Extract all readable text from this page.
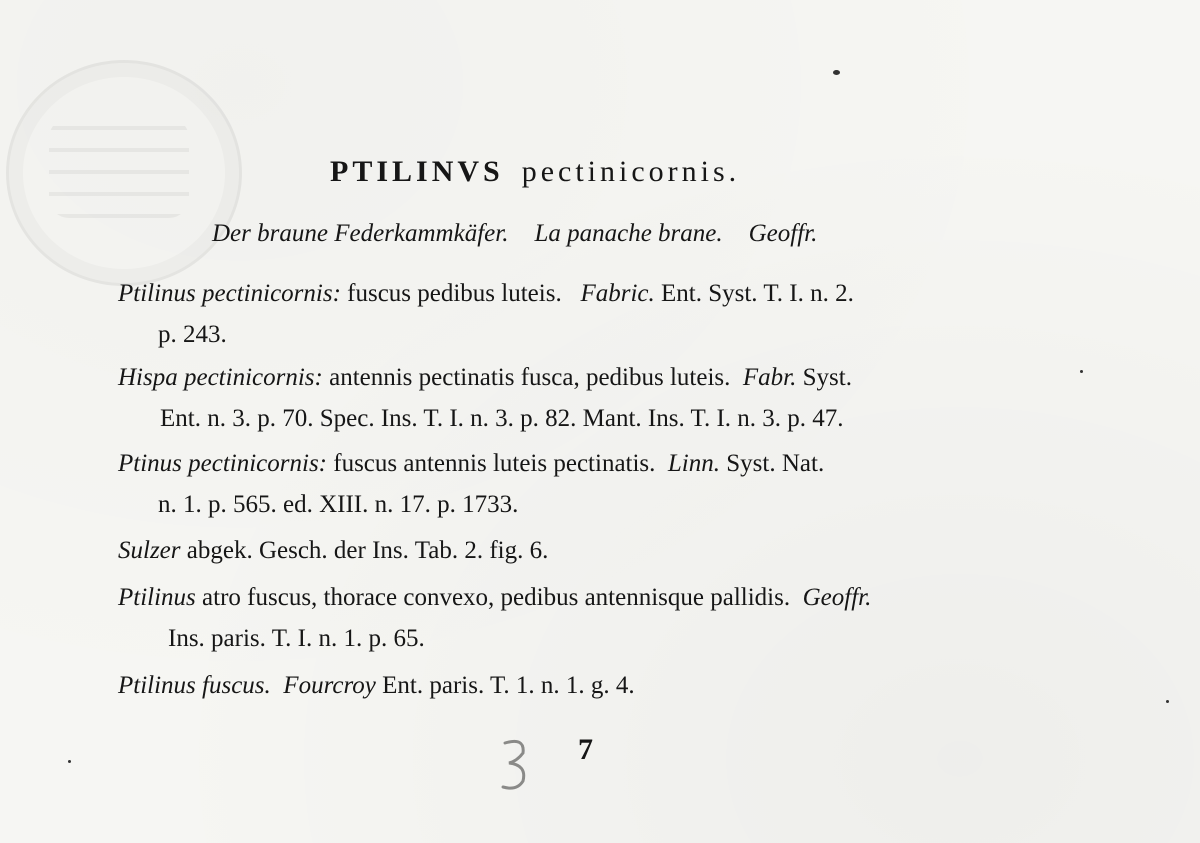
PTILINVS pectinicornis.
Der braune Federkammkäfer. La panache brane. Geoffr.
Ptilinus pectinicornis: fuscus pedibus luteis.   Fabric. Ent. Syst. T. I. n. 2.
p. 243.
Hispa pectinicornis: antennis pectinatis fusca, pedibus luteis.  Fabr. Syst.
Ent. n. 3. p. 70. Spec. Ins. T. I. n. 3. p. 82. Mant. Ins. T. I. n. 3. p. 47.
Ptinus pectinicornis: fuscus antennis luteis pectinatis.  Linn. Syst. Nat.
n. 1. p. 565. ed. XIII. n. 17. p. 1733.
Sulzer abgek. Gesch. der Ins. Tab. 2. fig. 6.
Ptilinus atro fuscus, thorace convexo, pedibus antennisque pallidis.  Geoffr.
Ins. paris. T. I. n. 1. p. 65.
Ptilinus fuscus. Fourcroy Ent. paris. T. 1. n. 1. g. 4.
7
